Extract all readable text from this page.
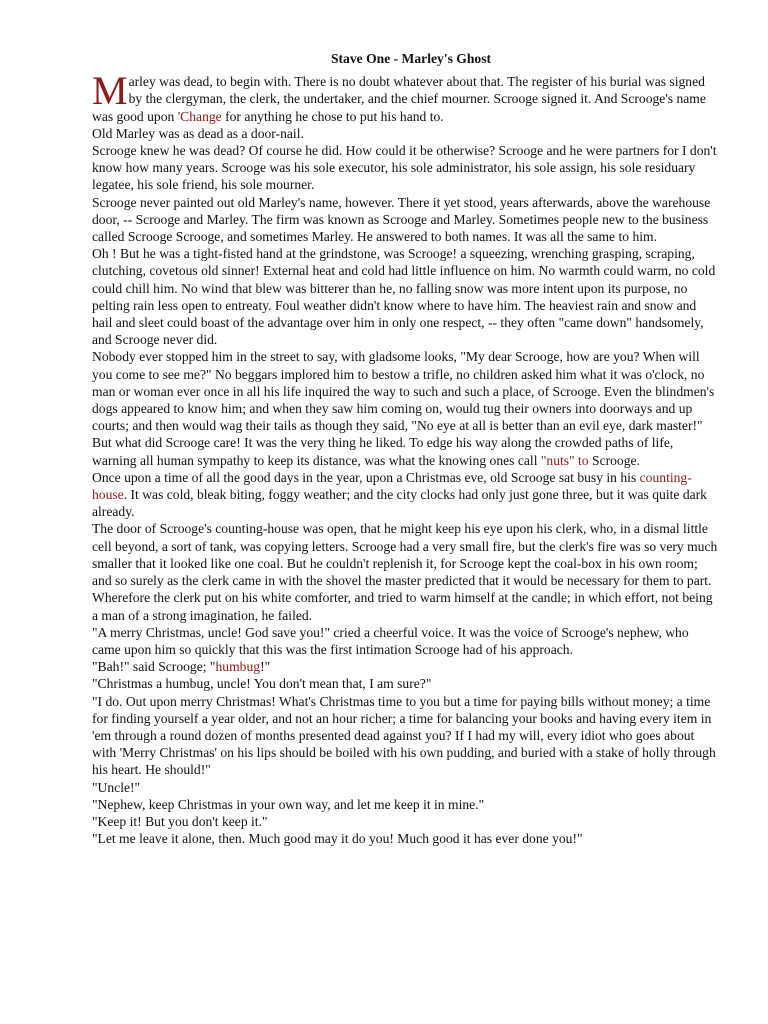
Stave One - Marley's Ghost

Marley was dead, to begin with. There is no doubt whatever about that. The register of his burial was signed by the clergyman, the clerk, the undertaker, and the chief mourner. Scrooge signed it. And Scrooge's name was good upon 'Change for anything he chose to put his hand to.

Old Marley was as dead as a door-nail.

Scrooge knew he was dead? Of course he did. How could it be otherwise? Scrooge and he were partners for I don't know how many years. Scrooge was his sole executor, his sole administrator, his sole assign, his sole residuary legatee, his sole friend, his sole mourner.

Scrooge never painted out old Marley's name, however. There it yet stood, years afterwards, above the warehouse door, -- Scrooge and Marley. The firm was known as Scrooge and Marley. Sometimes people new to the business called Scrooge Scrooge, and sometimes Marley. He answered to both names. It was all the same to him.

Oh ! But he was a tight-fisted hand at the grindstone, was Scrooge! a squeezing, wrenching grasping, scraping, clutching, covetous old sinner! External heat and cold had little influence on him. No warmth could warm, no cold could chill him. No wind that blew was bitterer than he, no falling snow was more intent upon its purpose, no pelting rain less open to entreaty. Foul weather didn't know where to have him. The heaviest rain and snow and hail and sleet could boast of the advantage over him in only one respect, -- they often "came down" handsomely, and Scrooge never did.

Nobody ever stopped him in the street to say, with gladsome looks, "My dear Scrooge, how are you? When will you come to see me?" No beggars implored him to bestow a trifle, no children asked him what it was o'clock, no man or woman ever once in all his life inquired the way to such and such a place, of Scrooge. Even the blindmen's dogs appeared to know him; and when they saw him coming on, would tug their owners into doorways and up courts; and then would wag their tails as though they said, "No eye at all is better than an evil eye, dark master!"

But what did Scrooge care! It was the very thing he liked. To edge his way along the crowded paths of life, warning all human sympathy to keep its distance, was what the knowing ones call "nuts" to Scrooge.

Once upon a time of all the good days in the year, upon a Christmas eve, old Scrooge sat busy in his counting-house. It was cold, bleak biting, foggy weather; and the city clocks had only just gone three, but it was quite dark already.

The door of Scrooge's counting-house was open, that he might keep his eye upon his clerk, who, in a dismal little cell beyond, a sort of tank, was copying letters. Scrooge had a very small fire, but the clerk's fire was so very much smaller that it looked like one coal. But he couldn't replenish it, for Scrooge kept the coal-box in his own room; and so surely as the clerk came in with the shovel the master predicted that it would be necessary for them to part. Wherefore the clerk put on his white comforter, and tried to warm himself at the candle; in which effort, not being a man of a strong imagination, he failed.

"A merry Christmas, uncle! God save you!" cried a cheerful voice. It was the voice of Scrooge's nephew, who came upon him so quickly that this was the first intimation Scrooge had of his approach.

"Bah!" said Scrooge; "humbug!"

"Christmas a humbug, uncle! You don't mean that, I am sure?"

"I do. Out upon merry Christmas! What's Christmas time to you but a time for paying bills without money; a time for finding yourself a year older, and not an hour richer; a time for balancing your books and having every item in 'em through a round dozen of months presented dead against you? If I had my will, every idiot who goes about with 'Merry Christmas' on his lips should be boiled with his own pudding, and buried with a stake of holly through his heart. He should!"

"Uncle!"

"Nephew, keep Christmas in your own way, and let me keep it in mine."

"Keep it! But you don't keep it."

"Let me leave it alone, then. Much good may it do you! Much good it has ever done you!"
